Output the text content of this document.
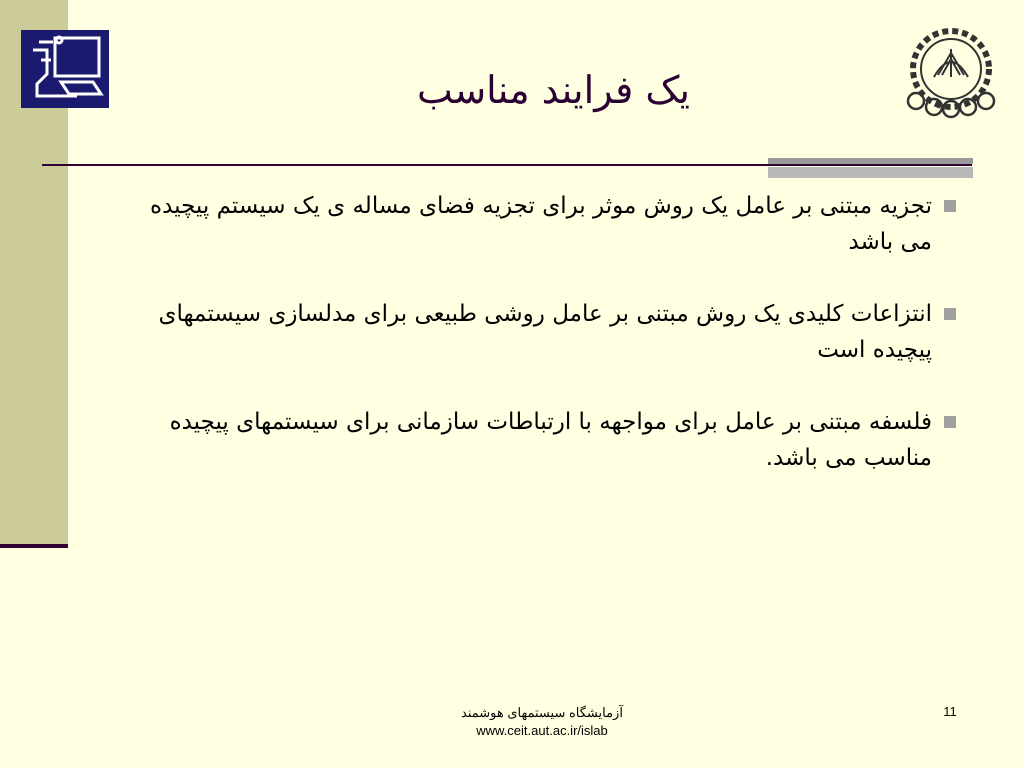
یک فرایند مناسب
تجزیه مبتنی بر عامل یک روش موثر برای تجزیه فضای مساله ی یک سیستم پیچیده می باشد
انتزاعات کلیدی یک روش مبتنی بر عامل روشی طبیعی برای مدلسازی سیستمهای پیچیده است
فلسفه مبتنی بر عامل برای مواجهه با ارتباطات سازمانی برای سیستمهای پیچیده مناسب می باشد.
آزمایشگاه سیستمهای هوشمند
www.ceit.aut.ac.ir/islab
11
